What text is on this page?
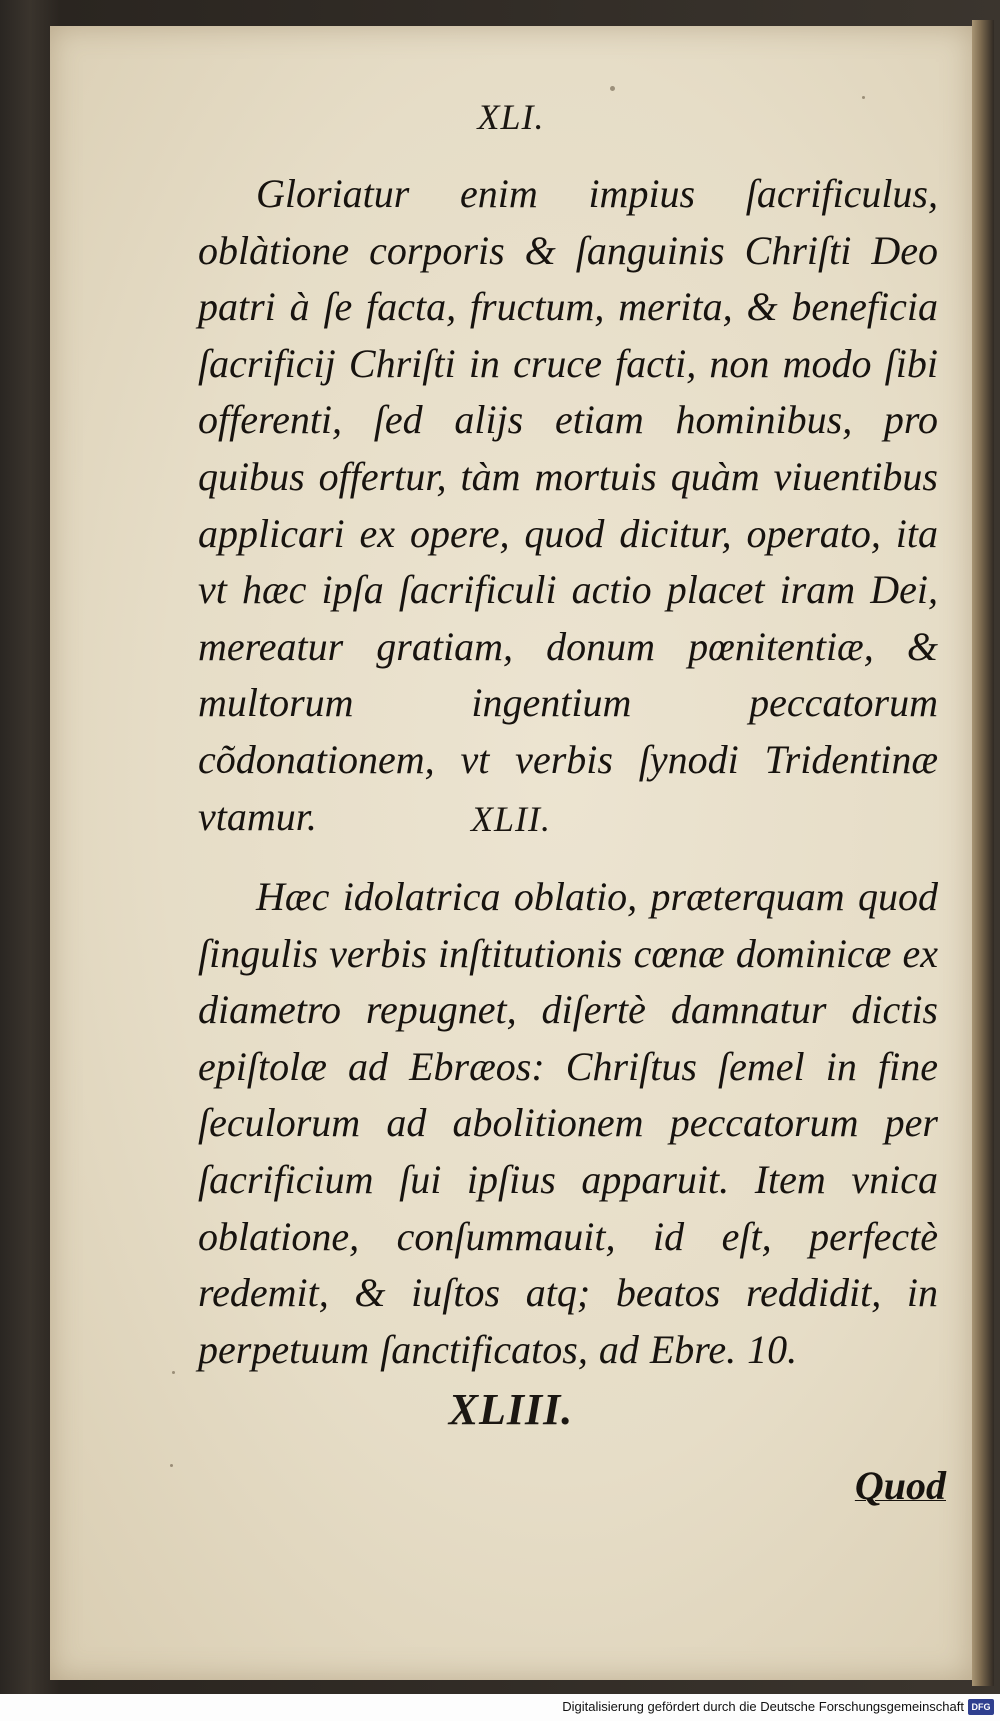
XLI.

Gloriatur enim impius ſacrificulus, oblàtione corporis & ſanguinis Chriſti Deo patri à ſe facta, fructum, merita, & beneficia ſacrificij Chriſti in cruce facti, non modo ſibi offerenti, ſed alijs etiam hominibus, pro quibus offertur, tàm mortuis quàm viuentibus applicari ex opere, quod dicitur, operato, ita vt hæc ipſa ſacrificuli actio placet iram Dei, mereatur gratiam, donum pœnitentiæ, & multorum ingentium peccatorum cõdonationem, vt verbis ſynodi Tridentinæ vtamur.	XLII.

Hæc idolatrica oblatio, præterquam quod ſingulis verbis inſtitutionis cœnæ dominicæ ex diametro repugnet, diſertè damnatur dictis epiſtolæ ad Ebræos: Chriſtus ſemel in fine ſeculorum ad abolitionem peccatorum per ſacrificium ſui ipſius apparuit. Item vnica oblatione, conſummauit, id eſt, perfectè redemit, & iuſtos atq; beatos reddidit, in perpetuum ſanctificatos, ad Ebre. 10.

XLIII.
Quod
Digitalisierung gefördert durch die Deutsche Forschungsgemeinschaft DFG
